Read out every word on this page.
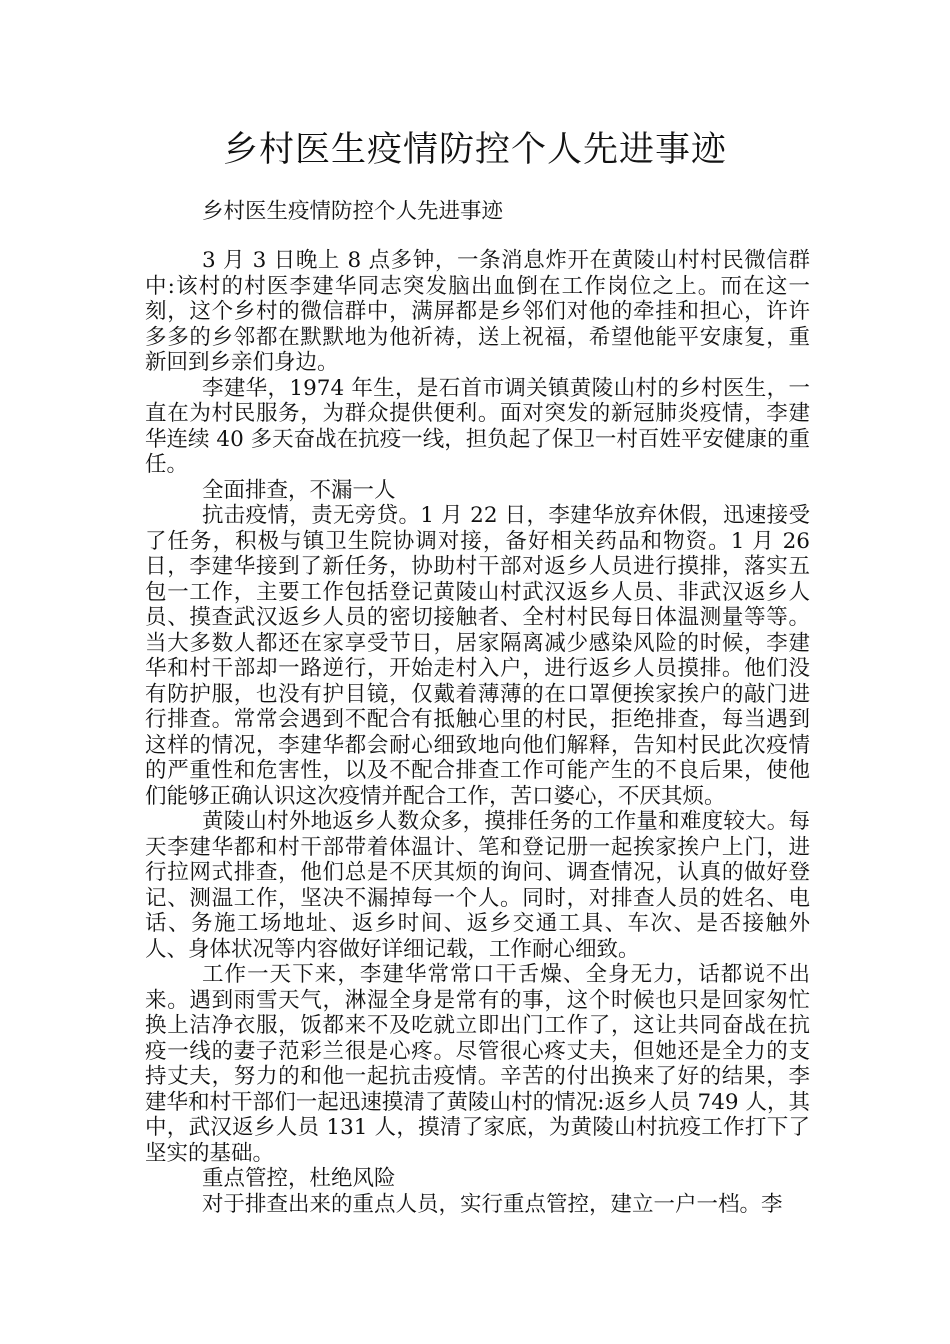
乡村医生疫情防控个人先进事迹

乡村医生疫情防控个人先进事迹

3 月 3 日晚上 8 点多钟，一条消息炸开在黄陵山村村民微信群中:该村的村医李建华同志突发脑出血倒在工作岗位之上。而在这一刻，这个乡村的微信群中，满屏都是乡邻们对他的牵挂和担心，许许多多的乡邻都在默默地为他祈祷，送上祝福，希望他能平安康复，重新回到乡亲们身边。

李建华，1974 年生，是石首市调关镇黄陵山村的乡村医生，一直在为村民服务，为群众提供便利。面对突发的新冠肺炎疫情，李建华连续 40 多天奋战在抗疫一线，担负起了保卫一村百姓平安健康的重任。

全面排查，不漏一人

抗击疫情，责无旁贷。1 月 22 日，李建华放弃休假，迅速接受了任务，积极与镇卫生院协调对接，备好相关药品和物资。1 月 26 日，李建华接到了新任务，协助村干部对返乡人员进行摸排，落实五包一工作，主要工作包括登记黄陵山村武汉返乡人员、非武汉返乡人员、摸查武汉返乡人员的密切接触者、全村村民每日体温测量等等。当大多数人都还在家享受节日，居家隔离减少感染风险的时候，李建华和村干部却一路逆行，开始走村入户，进行返乡人员摸排。他们没有防护服，也没有护目镜，仅戴着薄薄的在口罩便挨家挨户的敲门进行排查。常常会遇到不配合有抵触心里的村民，拒绝排查，每当遇到这样的情况，李建华都会耐心细致地向他们解释，告知村民此次疫情的严重性和危害性，以及不配合排查工作可能产生的不良后果，使他们能够正确认识这次疫情并配合工作，苦口婆心，不厌其烦。

黄陵山村外地返乡人数众多，摸排任务的工作量和难度较大。每天李建华都和村干部带着体温计、笔和登记册一起挨家挨户上门，进行拉网式排查，他们总是不厌其烦的询问、调查情况，认真的做好登记、测温工作，坚决不漏掉每一个人。同时，对排查人员的姓名、电话、务施工场地址、返乡时间、返乡交通工具、车次、是否接触外人、身体状况等内容做好详细记载，工作耐心细致。

工作一天下来，李建华常常口干舌燥、全身无力，话都说不出来。遇到雨雪天气，淋湿全身是常有的事，这个时候也只是回家匆忙换上洁净衣服，饭都来不及吃就立即出门工作了，这让共同奋战在抗疫一线的妻子范彩兰很是心疼。尽管很心疼丈夫，但她还是全力的支持丈夫，努力的和他一起抗击疫情。辛苦的付出换来了好的结果，李建华和村干部们一起迅速摸清了黄陵山村的情况:返乡人员 749 人，其中，武汉返乡人员 131 人，摸清了家底，为黄陵山村抗疫工作打下了坚实的基础。

重点管控，杜绝风险

对于排查出来的重点人员，实行重点管控，建立一户一档。李
